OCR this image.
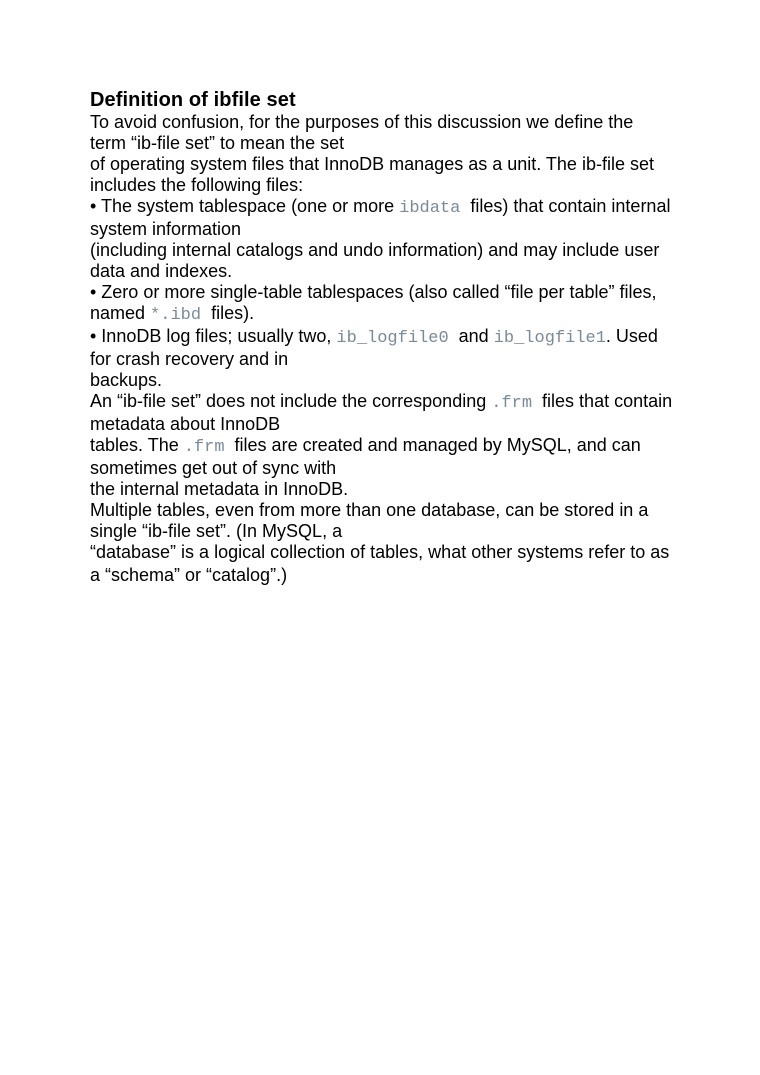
Definition of ibfile set
To avoid confusion, for the purposes of this discussion we define the
term “ib-file set” to mean the set
of operating system files that InnoDB manages as a unit. The ib-file set
includes the following files:
• The system tablespace (one or more ibdata  files) that contain internal
system information
(including internal catalogs and undo information) and may include user
data and indexes.
• Zero or more single-table tablespaces (also called “file per table” files,
named *.ibd  files).
• InnoDB log files; usually two, ib_logfile0  and ib_logfile1. Used
for crash recovery and in
backups.
An “ib-file set” does not include the corresponding .frm  files that contain
metadata about InnoDB
tables. The .frm  files are created and managed by MySQL, and can
sometimes get out of sync with
the internal metadata in InnoDB.
Multiple tables, even from more than one database, can be stored in a
single “ib-file set”. (In MySQL, a
“database” is a logical collection of tables, what other systems refer to as
a “schema” or “catalog”.)
